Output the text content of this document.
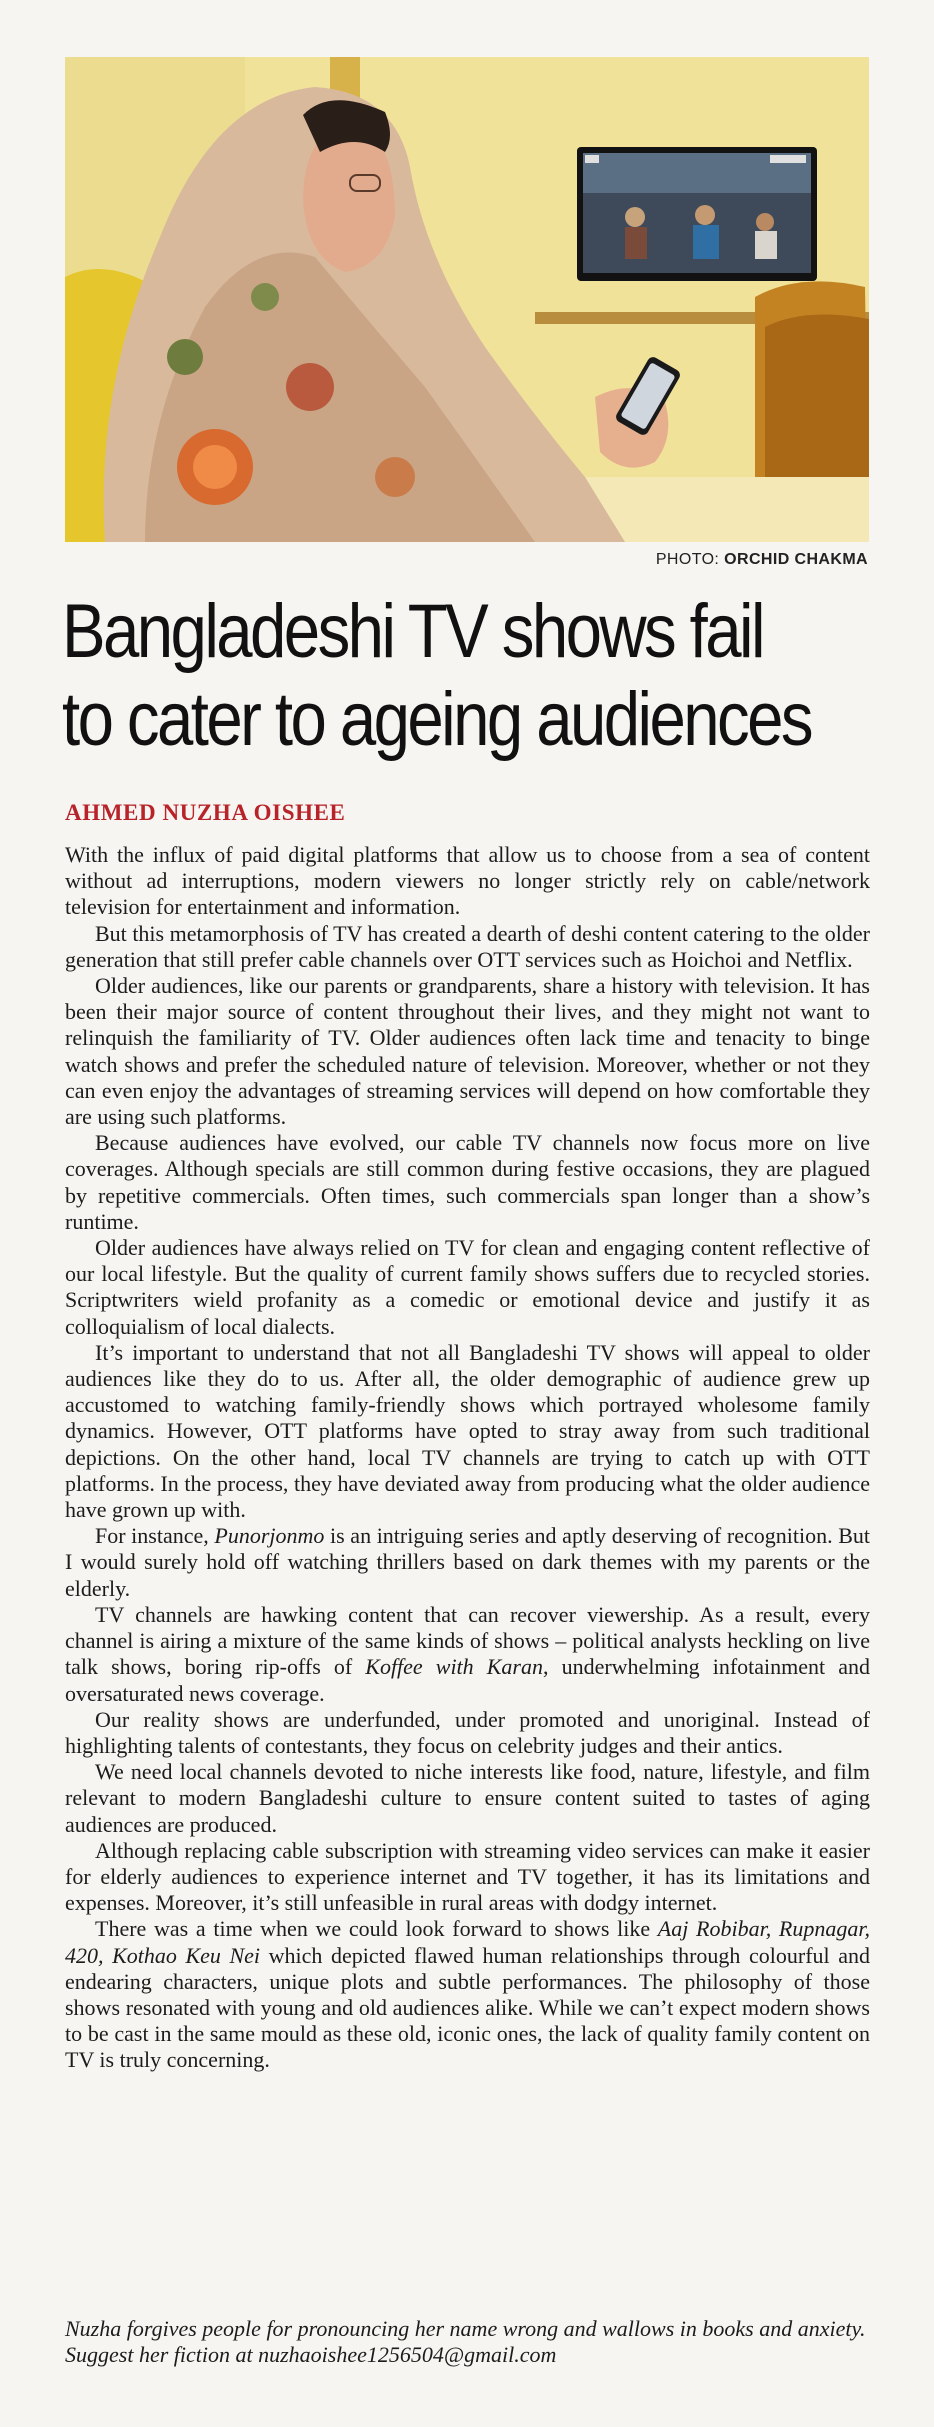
PHOTO: ORCHID CHAKMA
Bangladeshi TV shows fail
to cater to ageing audiences
AHMED NUZHA OISHEE

With the influx of paid digital platforms that allow us to choose from a sea of content without ad interruptions, modern viewers no longer strictly rely on cable/network television for entertainment and information.

But this metamorphosis of TV has created a dearth of deshi content catering to the older generation that still prefer cable channels over OTT services such as Hoichoi and Netflix.

Older audiences, like our parents or grandparents, share a history with television. It has been their major source of content throughout their lives, and they might not want to relinquish the familiarity of TV. Older audiences often lack time and tenacity to binge watch shows and prefer the scheduled nature of television. Moreover, whether or not they can even enjoy the advantages of streaming services will depend on how comfortable they are using such platforms.

Because audiences have evolved, our cable TV channels now focus more on live coverages. Although specials are still common during festive occasions, they are plagued by repetitive commercials. Often times, such commercials span longer than a show’s runtime.

Older audiences have always relied on TV for clean and engaging content reflective of our local lifestyle. But the quality of current family shows suffers due to recycled stories. Scriptwriters wield profanity as a comedic or emotional device and justify it as colloquialism of local dialects.

It’s important to understand that not all Bangladeshi TV shows will appeal to older audiences like they do to us. After all, the older demographic of audience grew up accustomed to watching family-friendly shows which portrayed wholesome family dynamics. However, OTT platforms have opted to stray away from such traditional depictions. On the other hand, local TV channels are trying to catch up with OTT platforms. In the process, they have deviated away from producing what the older audience have grown up with.

For instance, Punorjonmo is an intriguing series and aptly deserving of recognition. But I would surely hold off watching thrillers based on dark themes with my parents or the elderly.

TV channels are hawking content that can recover viewership. As a result, every channel is airing a mixture of the same kinds of shows – political analysts heckling on live talk shows, boring rip-offs of Koffee with Karan, underwhelming infotainment and oversaturated news coverage.

Our reality shows are underfunded, under promoted and unoriginal. Instead of highlighting talents of contestants, they focus on celebrity judges and their antics.

We need local channels devoted to niche interests like food, nature, lifestyle, and film relevant to modern Bangladeshi culture to ensure content suited to tastes of aging audiences are produced.

Although replacing cable subscription with streaming video services can make it easier for elderly audiences to experience internet and TV together, it has its limitations and expenses. Moreover, it’s still unfeasible in rural areas with dodgy internet.

There was a time when we could look forward to shows like Aaj Robibar, Rupnagar, 420, Kothao Keu Nei which depicted flawed human relationships through colourful and endearing characters, unique plots and subtle performances. The philosophy of those shows resonated with young and old audiences alike. While we can’t expect modern shows to be cast in the same mould as these old, iconic ones, the lack of quality family content on TV is truly concerning.

Nuzha forgives people for pronouncing her name wrong and wallows in books and anxiety. Suggest her fiction at nuzhaoishee1256504@gmail.com
